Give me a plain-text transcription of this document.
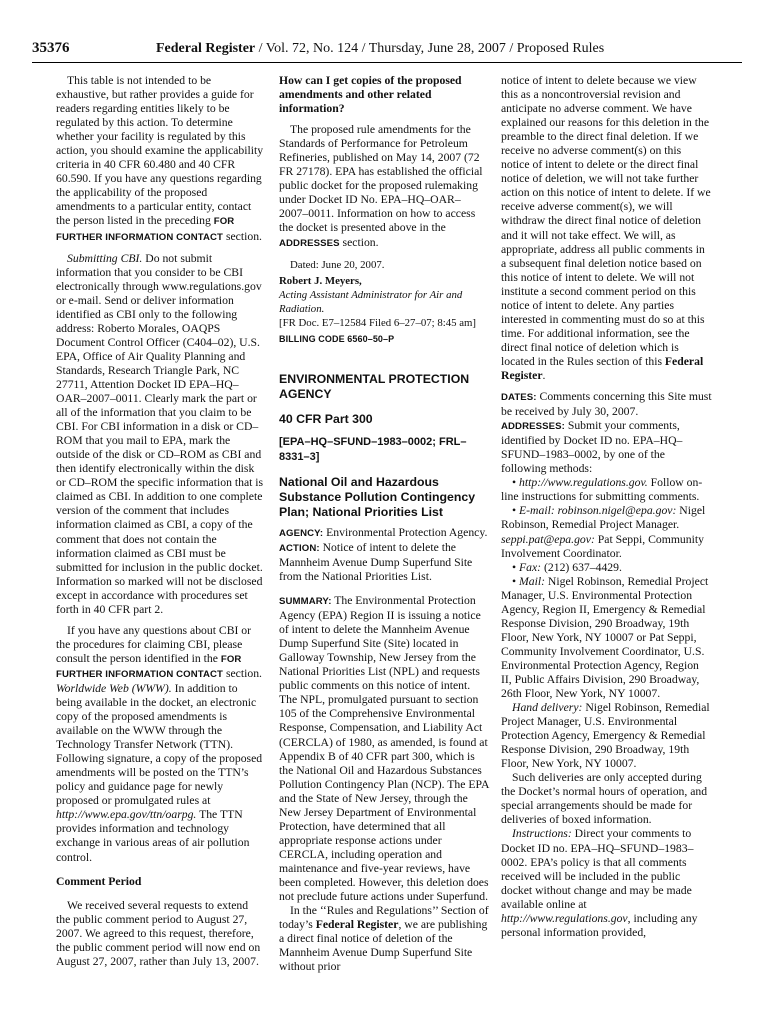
35376	Federal Register / Vol. 72, No. 124 / Thursday, June 28, 2007 / Proposed Rules

This table is not intended to be exhaustive, but rather provides a guide for readers regarding entities likely to be regulated by this action. To determine whether your facility is regulated by this action, you should examine the applicability criteria in 40 CFR 60.480 and 40 CFR 60.590. If you have any questions regarding the applicability of the proposed amendments to a particular entity, contact the person listed in the preceding FOR FURTHER INFORMATION CONTACT section.

Submitting CBI. Do not submit information that you consider to be CBI electronically through www.regulations.gov or e-mail. Send or deliver information identified as CBI only to the following address: Roberto Morales, OAQPS Document Control Officer (C404–02), U.S. EPA, Office of Air Quality Planning and Standards, Research Triangle Park, NC 27711, Attention Docket ID EPA–HQ–OAR–2007–0011. Clearly mark the part or all of the information that you claim to be CBI. For CBI information in a disk or CD–ROM that you mail to EPA, mark the outside of the disk or CD–ROM as CBI and then identify electronically within the disk or CD–ROM the specific information that is claimed as CBI. In addition to one complete version of the comment that includes information claimed as CBI, a copy of the comment that does not contain the information claimed as CBI must be submitted for inclusion in the public docket. Information so marked will not be disclosed except in accordance with procedures set forth in 40 CFR part 2.

If you have any questions about CBI or the procedures for claiming CBI, please consult the person identified in the FOR FURTHER INFORMATION CONTACT section. Worldwide Web (WWW). In addition to being available in the docket, an electronic copy of the proposed amendments is available on the WWW through the Technology Transfer Network (TTN). Following signature, a copy of the proposed amendments will be posted on the TTN’s policy and guidance page for newly proposed or promulgated rules at http://www.epa.gov/ttn/oarpg. The TTN provides information and technology exchange in various areas of air pollution control.

Comment Period

We received several requests to extend the public comment period to August 27, 2007. We agreed to this request, therefore, the public comment period will now end on August 27, 2007, rather than July 13, 2007.

How can I get copies of the proposed amendments and other related information?

The proposed rule amendments for the Standards of Performance for Petroleum Refineries, published on May 14, 2007 (72 FR 27178). EPA has established the official public docket for the proposed rulemaking under Docket ID No. EPA–HQ–OAR–2007–0011. Information on how to access the docket is presented above in the ADDRESSES section.

Dated: June 20, 2007.

Robert J. Meyers,

Acting Assistant Administrator for Air and Radiation.

[FR Doc. E7–12584 Filed 6–27–07; 8:45 am]

BILLING CODE 6560–50–P

ENVIRONMENTAL PROTECTION AGENCY

40 CFR Part 300

[EPA–HQ–SFUND–1983–0002; FRL–8331–3]

National Oil and Hazardous Substance Pollution Contingency Plan; National Priorities List

AGENCY: Environmental Protection Agency.

ACTION: Notice of intent to delete the Mannheim Avenue Dump Superfund Site from the National Priorities List.

SUMMARY: The Environmental Protection Agency (EPA) Region II is issuing a notice of intent to delete the Mannheim Avenue Dump Superfund Site (Site) located in Galloway Township, New Jersey from the National Priorities List (NPL) and requests public comments on this notice of intent. The NPL, promulgated pursuant to section 105 of the Comprehensive Environmental Response, Compensation, and Liability Act (CERCLA) of 1980, as amended, is found at Appendix B of 40 CFR part 300, which is the National Oil and Hazardous Substances Pollution Contingency Plan (NCP). The EPA and the State of New Jersey, through the New Jersey Department of Environmental Protection, have determined that all appropriate response actions under CERCLA, including operation and maintenance and five-year reviews, have been completed. However, this deletion does not preclude future actions under Superfund.

In the ‘‘Rules and Regulations’’ Section of today’s Federal Register, we are publishing a direct final notice of deletion of the Mannheim Avenue Dump Superfund Site without prior

notice of intent to delete because we view this as a noncontroversial revision and anticipate no adverse comment. We have explained our reasons for this deletion in the preamble to the direct final deletion. If we receive no adverse comment(s) on this notice of intent to delete or the direct final notice of deletion, we will not take further action on this notice of intent to delete. If we receive adverse comment(s), we will withdraw the direct final notice of deletion and it will not take effect. We will, as appropriate, address all public comments in a subsequent final deletion notice based on this notice of intent to delete. We will not institute a second comment period on this notice of intent to delete. Any parties interested in commenting must do so at this time. For additional information, see the direct final notice of deletion which is located in the Rules section of this Federal Register.

DATES: Comments concerning this Site must be received by July 30, 2007.

ADDRESSES: Submit your comments, identified by Docket ID no. EPA–HQ–SFUND–1983–0002, by one of the following methods:

• http://www.regulations.gov. Follow on-line instructions for submitting comments.

• E-mail: robinson.nigel@epa.gov: Nigel Robinson, Remedial Project Manager. seppi.pat@epa.gov: Pat Seppi, Community Involvement Coordinator.

• Fax: (212) 637–4429.

• Mail: Nigel Robinson, Remedial Project Manager, U.S. Environmental Protection Agency, Region II, Emergency & Remedial Response Division, 290 Broadway, 19th Floor, New York, NY 10007 or Pat Seppi, Community Involvement Coordinator, U.S. Environmental Protection Agency, Region II, Public Affairs Division, 290 Broadway, 26th Floor, New York, NY 10007.

Hand delivery: Nigel Robinson, Remedial Project Manager, U.S. Environmental Protection Agency, Emergency & Remedial Response Division, 290 Broadway, 19th Floor, New York, NY 10007.

Such deliveries are only accepted during the Docket’s normal hours of operation, and special arrangements should be made for deliveries of boxed information.

Instructions: Direct your comments to Docket ID no. EPA–HQ–SFUND–1983–0002. EPA’s policy is that all comments received will be included in the public docket without change and may be made available online at http://www.regulations.gov, including any personal information provided,
